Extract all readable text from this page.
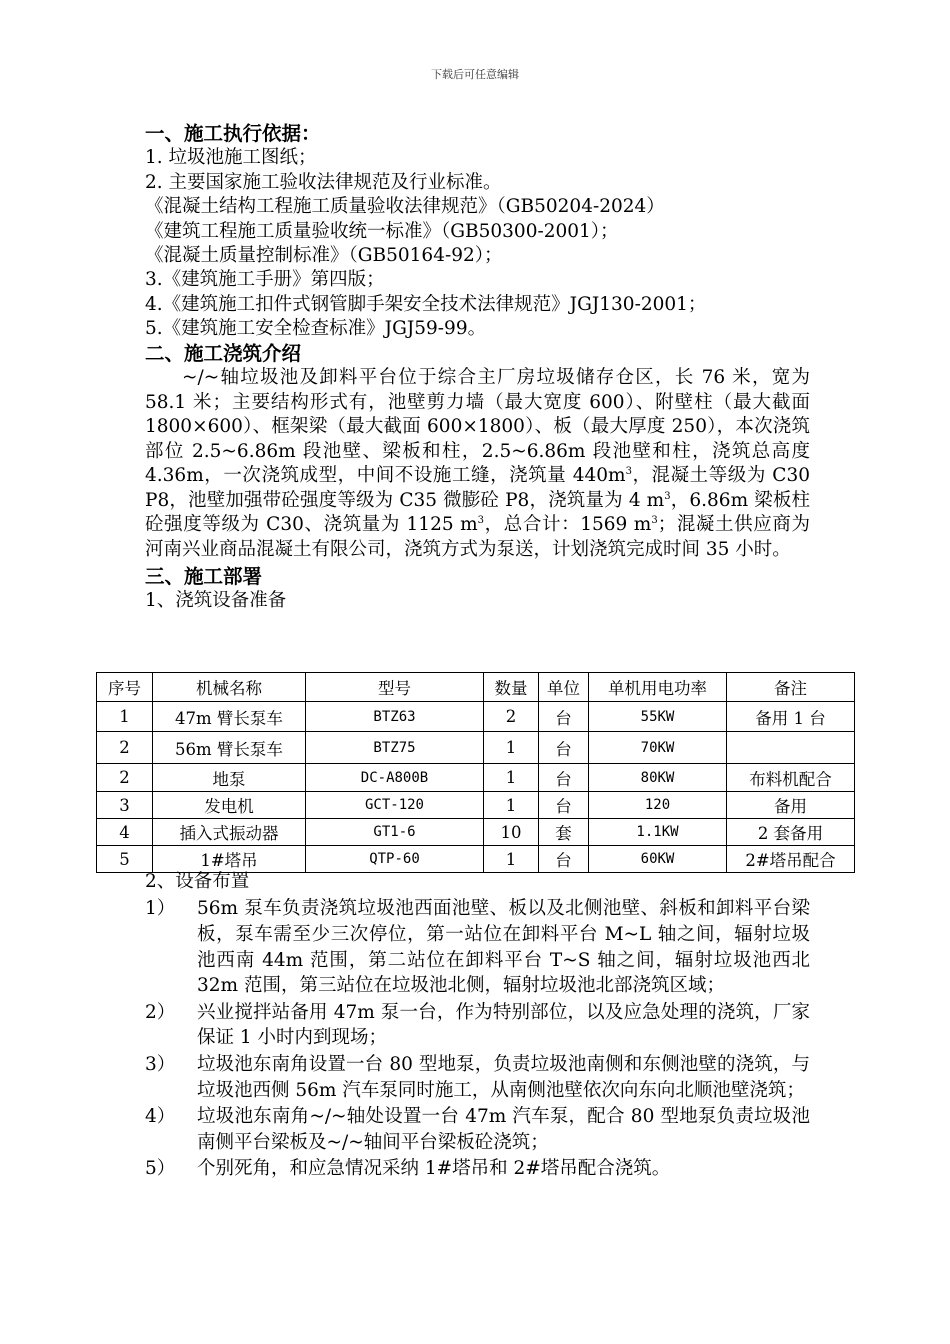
下载后可任意编辑
一、施工执行依据：
1. 垃圾池施工图纸；
2. 主要国家施工验收法律规范及行业标准。
《混凝土结构工程施工质量验收法律规范》（GB50204-2024）
《建筑工程施工质量验收统一标准》（GB50300-2001）；
《混凝土质量控制标准》（GB50164-92）；
3.《建筑施工手册》第四版；
4.《建筑施工扣件式钢管脚手架安全技术法律规范》JGJ130-2001；
5.《建筑施工安全检查标准》JGJ59-99。
二、施工浇筑介绍

~/~轴垃圾池及卸料平台位于综合主厂房垃圾储存仓区，长 76 米，宽为 58.1 米；主要结构形式有，池壁剪力墙（最大宽度 600）、附壁柱（最大截面 1800×600）、框架梁（最大截面 600×1800）、板（最大厚度 250），本次浇筑部位 2.5~6.86m 段池壁、梁板和柱，2.5~6.86m 段池壁和柱，浇筑总高度 4.36m，一次浇筑成型，中间不设施工缝，浇筑量 $440m^3$，混凝土等级为 C30 P8，池壁加强带砼强度等级为 C35 微膨砼 P8，浇筑量为 4 $m^3$，6.86m 梁板柱砼强度等级为 C30、浇筑量为 1125 $m^3$，总合计：1569 $m^3$；混凝土供应商为河南兴业商品混凝土有限公司，浇筑方式为泵送，计划浇筑完成时间 35 小时。

三、施工部署
1、浇筑设备准备
序号	机械名称	型号	数量	单位	单机用电功率	备注
1	47m 臂长泵车	BTZ63	2	台	55KW	备用 1 台
2	56m 臂长泵车	BTZ75	1	台	70KW	
2	地泵	DC-A800B	1	台	80KW	布料机配合
3	发电机	GCT-120	1	台	120	备用
4	插入式振动器	GT1-6	10	套	1.1KW	2 套备用
5	1#塔吊	QTP-60	1	台	60KW	2#塔吊配合
2、设备布置
1）	56m 泵车负责浇筑垃圾池西面池壁、板以及北侧池壁、斜板和卸料平台梁板，泵车需至少三次停位，第一站位在卸料平台 M~L 轴之间，辐射垃圾池西南 44m 范围，第二站位在卸料平台 T~S 轴之间，辐射垃圾池西北 32m 范围，第三站位在垃圾池北侧，辐射垃圾池北部浇筑区域；
2）	兴业搅拌站备用 47m 泵一台，作为特别部位，以及应急处理的浇筑，厂家保证 1 小时内到现场；
3）	垃圾池东南角设置一台 80 型地泵，负责垃圾池南侧和东侧池壁的浇筑，与垃圾池西侧 56m 汽车泵同时施工，从南侧池壁依次向东向北顺池壁浇筑；
4）	垃圾池东南角~/~轴处设置一台 47m 汽车泵，配合 80 型地泵负责垃圾池南侧平台梁板及~/~轴间平台梁板砼浇筑；
5）	个别死角，和应急情况采纳 1#塔吊和 2#塔吊配合浇筑。
